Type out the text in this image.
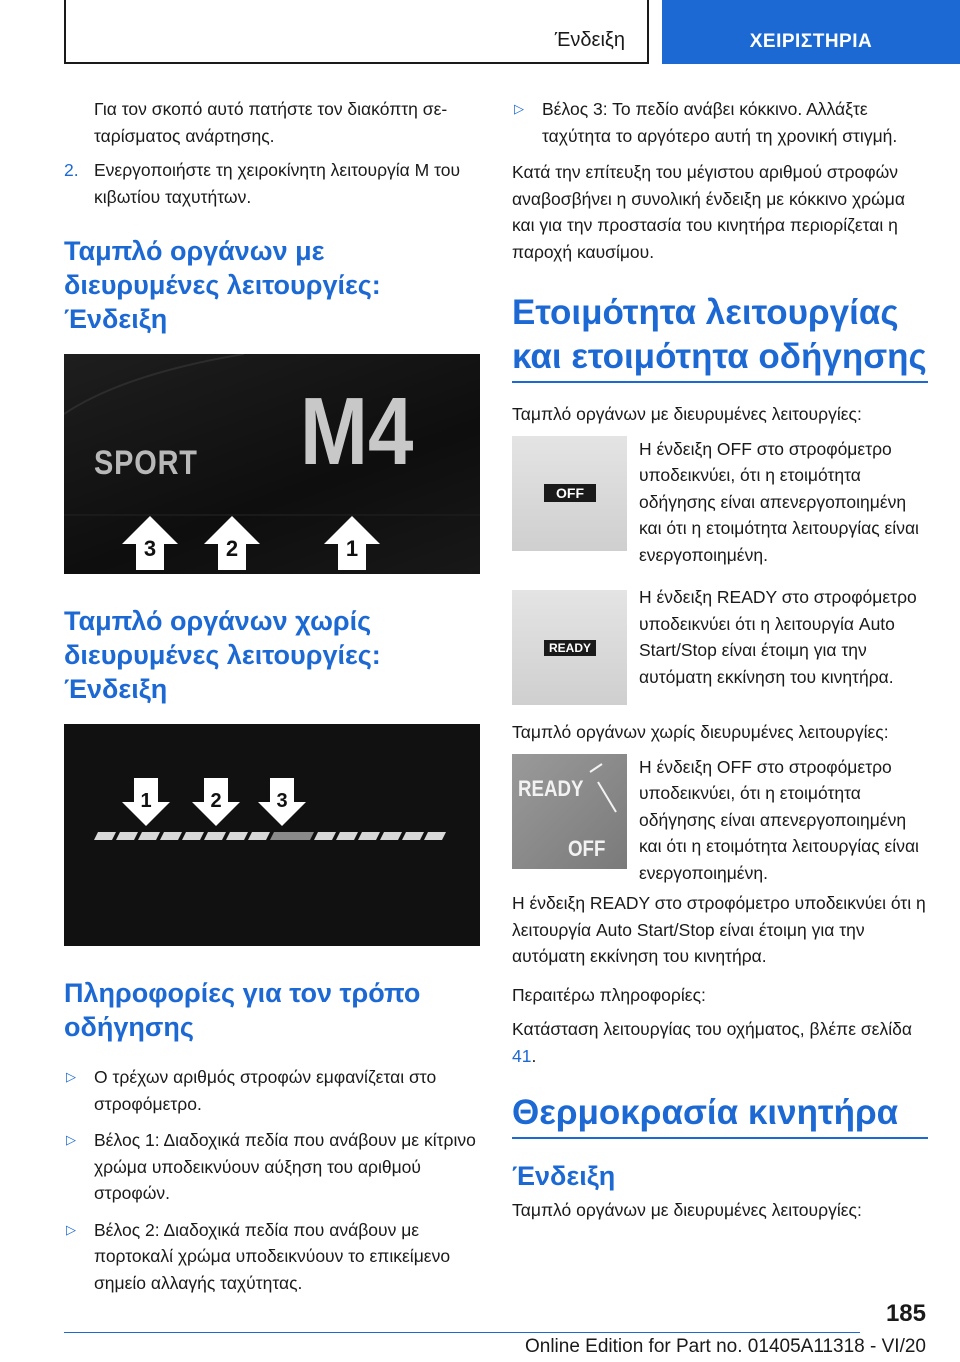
Ένδειξη	ΧΕΙΡΙΣΤΗΡΙΑ

Για τον σκοπό αυτό πατήστε τον διακόπτη σεταρίσματος ανάρτησης.

2. Ενεργοποιήστε τη χειροκίνητη λειτουργία M του κιβωτίου ταχυτήτων.

Ταμπλό οργάνων με διευρυμένες λειτουργίες: Ένδειξη
SPORT M4
3	2	1
Ταμπλό οργάνων χωρίς διευρυμένες λειτουργίες: Ένδειξη
1	2	3
Πληροφορίες για τον τρόπο οδήγησης
▷	Ο τρέχων αριθμός στροφών εμφανίζεται στο στροφόμετρο.

▷	Βέλος 1: Διαδοχικά πεδία που ανάβουν με κίτρινο χρώμα υποδεικνύουν αύξηση του αριθμού στροφών.

▷	Βέλος 2: Διαδοχικά πεδία που ανάβουν με πορτοκαλί χρώμα υποδεικνύουν το επικείμενο σημείο αλλαγής ταχύτητας.

▷	Βέλος 3: Το πεδίο ανάβει κόκκινο. Αλλάξτε ταχύτητα το αργότερο αυτή τη χρονική στιγμή.

Κατά την επίτευξη του μέγιστου αριθμού στροφών αναβοσβήνει η συνολική ένδειξη με κόκκινο χρώμα και για την προστασία του κινητήρα περιορίζεται η παροχή καυσίμου.

Ετοιμότητα λειτουργίας και ετοιμότητα οδήγησης

Ταμπλό οργάνων με διευρυμένες λειτουργίες:

OFF

Η ένδειξη OFF στο στροφόμετρο υποδεικνύει, ότι η ετοιμότητα οδήγησης είναι απενεργοποιημένη και ότι η ετοιμότητα λειτουργίας είναι ενεργοποιημένη.

READY

Η ένδειξη READY στο στροφόμετρο υποδεικνύει ότι η λειτουργία Auto Start/Stop είναι έτοιμη για την αυτόματη εκκίνηση του κινητήρα.

Ταμπλό οργάνων χωρίς διευρυμένες λειτουργίες:

READY
OFF

Η ένδειξη OFF στο στροφόμετρο υποδεικνύει, ότι η ετοιμότητα οδήγησης είναι απενεργοποιημένη και ότι η ετοιμότητα λειτουργίας είναι ενεργοποιημένη.

Η ένδειξη READY στο στροφόμετρο υποδεικνύει ότι η λειτουργία Auto Start/Stop είναι έτοιμη για την αυτόματη εκκίνηση του κινητήρα.

Περαιτέρω πληροφορίες:

Κατάσταση λειτουργίας του οχήματος, βλέπε σελίδα 41.

Θερμοκρασία κινητήρα
Ένδειξη

Ταμπλό οργάνων με διευρυμένες λειτουργίες:

185
Online Edition for Part no. 01405A11318 - VI/20
